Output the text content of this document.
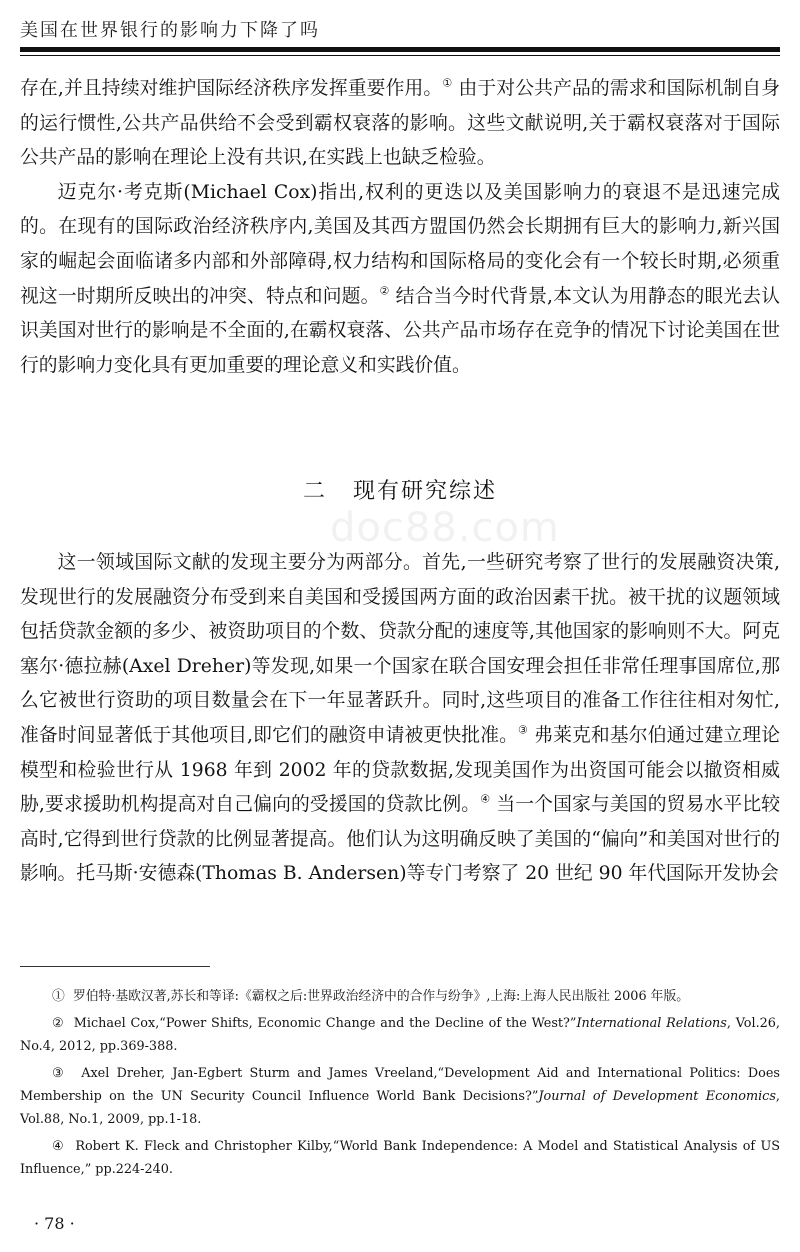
美国在世界银行的影响力下降了吗

存在,并且持续对维护国际经济秩序发挥重要作用。① 由于对公共产品的需求和国际机制自身的运行惯性,公共产品供给不会受到霸权衰落的影响。这些文献说明,关于霸权衰落对于国际公共产品的影响在理论上没有共识,在实践上也缺乏检验。

迈克尔·考克斯(Michael Cox)指出,权利的更迭以及美国影响力的衰退不是迅速完成的。在现有的国际政治经济秩序内,美国及其西方盟国仍然会长期拥有巨大的影响力,新兴国家的崛起会面临诸多内部和外部障碍,权力结构和国际格局的变化会有一个较长时期,必须重视这一时期所反映出的冲突、特点和问题。② 结合当今时代背景,本文认为用静态的眼光去认识美国对世行的影响是不全面的,在霸权衰落、公共产品市场存在竞争的情况下讨论美国在世行的影响力变化具有更加重要的理论意义和实践价值。

doc88.com
二 现有研究综述

这一领域国际文献的发现主要分为两部分。首先,一些研究考察了世行的发展融资决策,发现世行的发展融资分布受到来自美国和受援国两方面的政治因素干扰。被干扰的议题领域包括贷款金额的多少、被资助项目的个数、贷款分配的速度等,其他国家的影响则不大。阿克塞尔·德拉赫(Axel Dreher)等发现,如果一个国家在联合国安理会担任非常任理事国席位,那么它被世行资助的项目数量会在下一年显著跃升。同时,这些项目的准备工作往往相对匆忙,准备时间显著低于其他项目,即它们的融资申请被更快批准。③ 弗莱克和基尔伯通过建立理论模型和检验世行从 1968 年到 2002 年的贷款数据,发现美国作为出资国可能会以撤资相威胁,要求援助机构提高对自己偏向的受援国的贷款比例。④ 当一个国家与美国的贸易水平比较高时,它得到世行贷款的比例显著提高。他们认为这明确反映了美国的“偏向”和美国对世行的影响。托马斯·安德森(Thomas B. Andersen)等专门考察了 20 世纪 90 年代国际开发协会

① 罗伯特·基欧汉著,苏长和等译:《霸权之后:世界政治经济中的合作与纷争》,上海:上海人民出版社 2006 年版。

② Michael Cox,“Power Shifts, Economic Change and the Decline of the West?”International Relations, Vol.26, No.4, 2012, pp.369-388.

③ Axel Dreher, Jan-Egbert Sturm and James Vreeland,“Development Aid and International Politics: Does Membership on the UN Security Council Influence World Bank Decisions?”Journal of Development Economics, Vol.88, No.1, 2009, pp.1-18.

④ Robert K. Fleck and Christopher Kilby,“World Bank Independence: A Model and Statistical Analysis of US Influence,” pp.224-240.

· 78 ·
